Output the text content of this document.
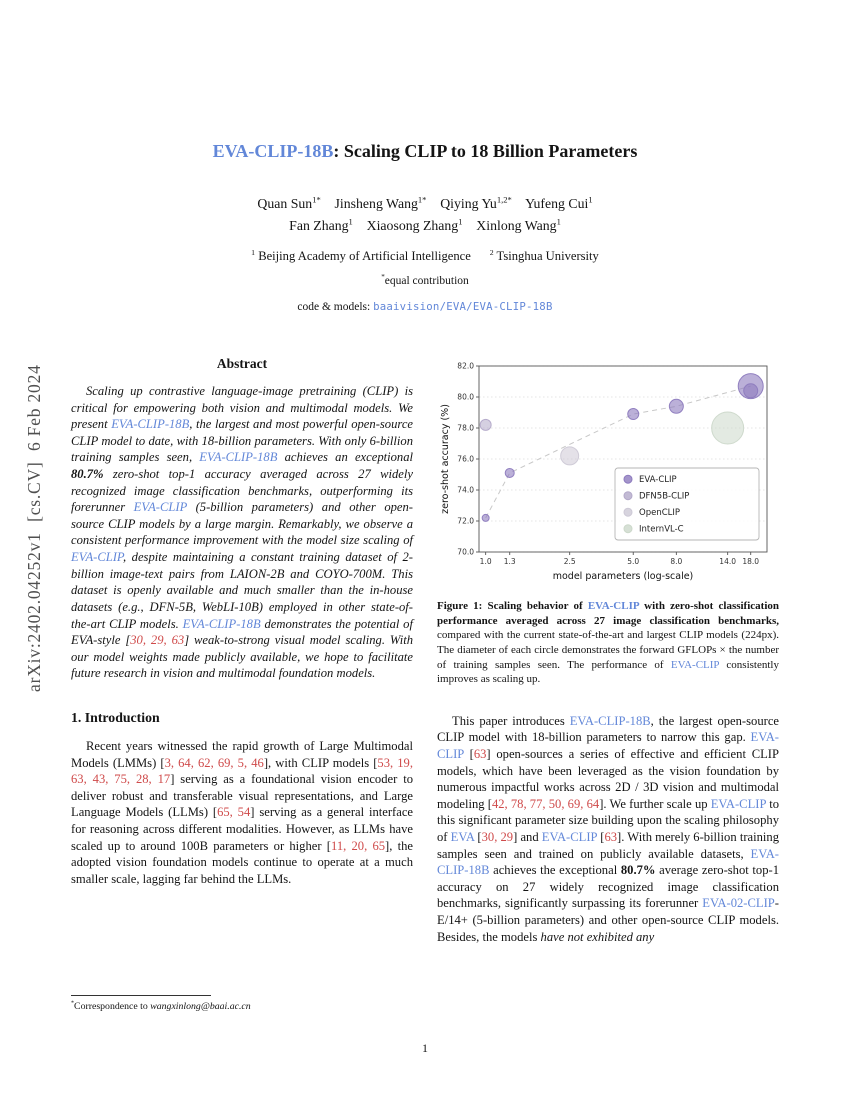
arXiv:2402.04252v1  [cs.CV]  6 Feb 2024
EVA-CLIP-18B: Scaling CLIP to 18 Billion Parameters
Quan Sun$^{1*}$ Jinsheng Wang$^{1*}$ Qiying $Yu^{1,2*}$ Yufeng Cui$^1$
Fan Zhang$^1$ Xiaosong Zhang$^1$ Xinlong Wang$^1$
$^1$ Beijing Academy of Artificial Intelligence $^2$ Tsinghua University
*equal contribution
code & models: baaivision/EVA/EVA-CLIP-18B
Abstract

Scaling up contrastive language-image pretraining (CLIP) is critical for empowering both vision and multimodal models. We present EVA-CLIP-18B, the largest and most powerful open-source CLIP model to date, with 18-billion parameters. With only 6-billion training samples seen, EVA-CLIP-18B achieves an exceptional 80.7% zero-shot top-1 accuracy averaged across 27 widely recognized image classification benchmarks, outperforming its forerunner EVA-CLIP (5-billion parameters) and other open-source CLIP models by a large margin. Remarkably, we observe a consistent performance improvement with the model size scaling of EVA-CLIP, despite maintaining a constant training dataset of 2-billion image-text pairs from LAION-2B and COYO-700M. This dataset is openly available and much smaller than the in-house datasets (e.g., DFN-5B, WebLI-10B) employed in other state-of-the-art CLIP models. EVA-CLIP-18B demonstrates the potential of EVA-style [30, 29, 63] weak-to-strong visual model scaling. With our model weights made publicly available, we hope to facilitate future research in vision and multimodal foundation models.

1. Introduction

Recent years witnessed the rapid growth of Large Multimodal Models (LMMs) [3, 64, 62, 69, 5, 46], with CLIP models [53, 19, 63, 43, 75, 28, 17] serving as a foundational vision encoder to deliver robust and transferable visual representations, and Large Language Models (LLMs) [65, 54] serving as a general interface for reasoning across different modalities. However, as LLMs have scaled up to around 100B parameters or higher [11, 20, 65], the adopted vision foundation models continue to operate at a much smaller scale, lagging far behind the LLMs.

*Correspondence to wangxinlong@baai.ac.cn
70.0
72.0
74.0
76.0
78.0
80.0
82.0
1.0 1.3	2.5	5.0	8.0	14.0 18.0
model parameters (log-scale)
zero-shot accuracy (%)	EVA-CLIP
DFN5B-CLIP
OpenCLIP
InternVL-C
Figure 1: Scaling behavior of EVA-CLIP with zero-shot classification performance averaged across 27 image classification benchmarks, compared with the current state-of-the-art and largest CLIP models (224px). The diameter of each circle demonstrates the forward GFLOPs × the number of training samples seen. The performance of EVA-CLIP consistently improves as scaling up.

This paper introduces EVA-CLIP-18B, the largest open-source CLIP model with 18-billion parameters to narrow this gap. EVA-CLIP [63] open-sources a series of effective and efficient CLIP models, which have been leveraged as the vision foundation by numerous impactful works across 2D / 3D vision and multimodal modeling [42, 78, 77, 50, 69, 64]. We further scale up EVA-CLIP to this significant parameter size building upon the scaling philosophy of EVA [30, 29] and EVA-CLIP [63]. With merely 6-billion training samples seen and trained on publicly available datasets, EVA-CLIP-18B achieves the exceptional 80.7% average zero-shot top-1 accuracy on 27 widely recognized image classification benchmarks, significantly surpassing its forerunner EVA-02-CLIP-E/14+ (5-billion parameters) and other open-source CLIP models. Besides, the models have not exhibited any

1
